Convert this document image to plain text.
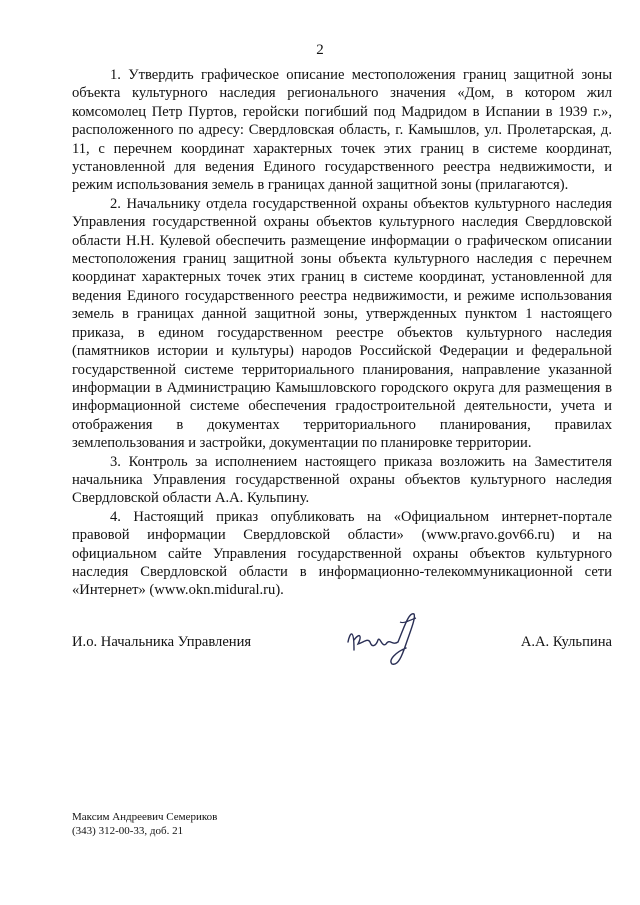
2

1. Утвердить графическое описание местоположения границ защитной зоны объекта культурного наследия регионального значения «Дом, в котором жил комсомолец Петр Пуртов, геройски погибший под Мадридом в Испании в 1939 г.», расположенного по адресу: Свердловская область, г. Камышлов, ул. Пролетарская, д. 11, с перечнем координат характерных точек этих границ в системе координат, установленной для ведения Единого государственного реестра недвижимости, и режим использования земель в границах данной защитной зоны (прилагаются).

2. Начальнику отдела государственной охраны объектов культурного наследия Управления государственной охраны объектов культурного наследия Свердловской области Н.Н. Кулевой обеспечить размещение информации о графическом описании местоположения границ защитной зоны объекта культурного наследия с перечнем координат характерных точек этих границ в системе координат, установленной для ведения Единого государственного реестра недвижимости, и режиме использования земель в границах данной защитной зоны, утвержденных пунктом 1 настоящего приказа, в едином государственном реестре объектов культурного наследия (памятников истории и культуры) народов Российской Федерации и федеральной государственной системе территориального планирования, направление указанной информации в Администрацию Камышловского городского округа для размещения в информационной системе обеспечения градостроительной деятельности, учета и отображения в документах территориального планирования, правилах землепользования и застройки, документации по планировке территории.

3. Контроль за исполнением настоящего приказа возложить на Заместителя начальника Управления государственной охраны объектов культурного наследия Свердловской области А.А. Кульпину.

4. Настоящий приказ опубликовать на «Официальном интернет-портале правовой информации Свердловской области» (www.pravo.gov66.ru) и на официальном сайте Управления государственной охраны объектов культурного наследия Свердловской области в информационно-телекоммуникационной сети «Интернет» (www.okn.midural.ru).

И.о. Начальника Управления	А.А. Кульпина
Максим Андреевич Семериков
(343) 312-00-33, доб. 21
